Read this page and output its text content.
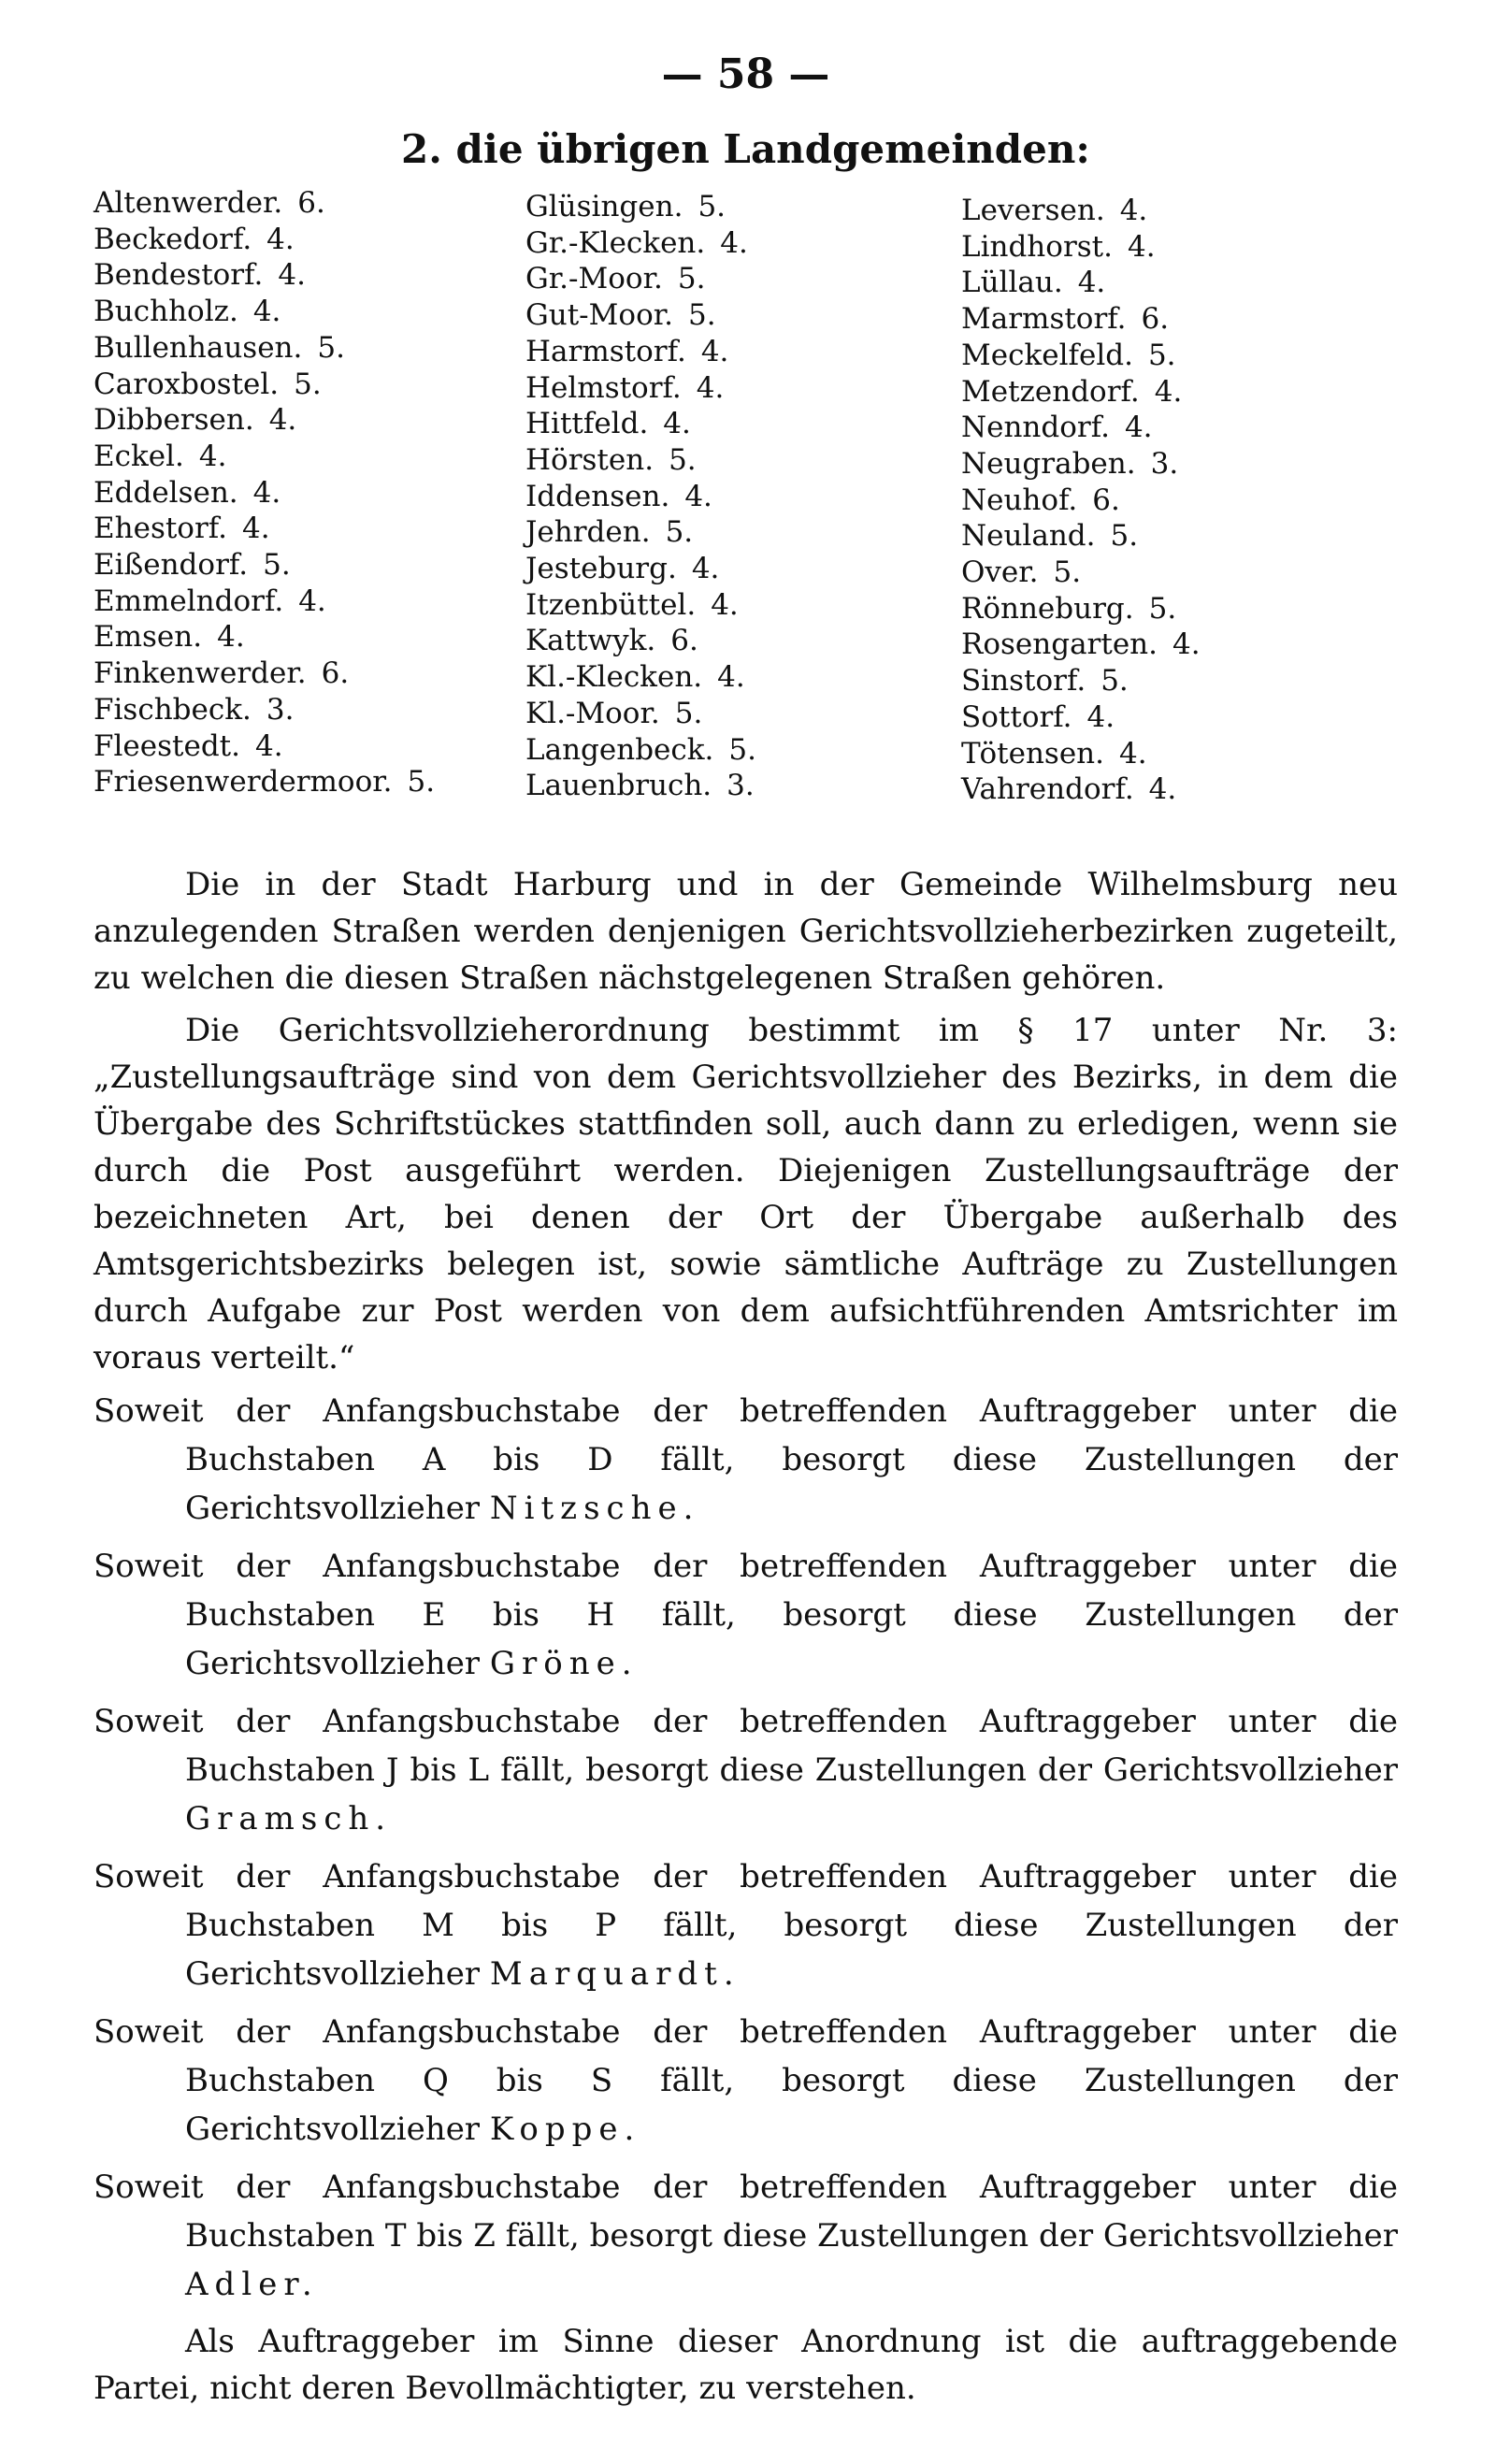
— 58 —
2. die übrigen Landgemeinden:
Altenwerder. 6.
Beckedorf. 4.
Bendestorf. 4.
Buchholz. 4.
Bullenhausen. 5.
Caroxbostel. 5.
Dibbersen. 4.
Eckel. 4.
Eddelsen. 4.
Ehestorf. 4.
Eißendorf. 5.
Emmelndorf. 4.
Emsen. 4.
Finkenwerder. 6.
Fischbeck. 3.
Fleestedt. 4.
Friesenwerdermoor. 5.
Glüsingen. 5.
Gr.-Klecken. 4.
Gr.-Moor. 5.
Gut-Moor. 5.
Harmstorf. 4.
Helmstorf. 4.
Hittfeld. 4.
Hörsten. 5.
Iddensen. 4.
Jehrden. 5.
Jesteburg. 4.
Itzenbüttel. 4.
Kattwyk. 6.
Kl.-Klecken. 4.
Kl.-Moor. 5.
Langenbeck. 5.
Lauenbruch. 3.
Leversen. 4.
Lindhorst. 4.
Lüllau. 4.
Marmstorf. 6.
Meckelfeld. 5.
Metzendorf. 4.
Nenndorf. 4.
Neugraben. 3.
Neuhof. 6.
Neuland. 5.
Over. 5.
Rönneburg. 5.
Rosengarten. 4.
Sinstorf. 5.
Sottorf. 4.
Tötensen. 4.
Vahrendorf. 4.

Die in der Stadt Harburg und in der Gemeinde Wilhelmsburg neu anzulegenden Straßen werden denjenigen Gerichtsvollzieherbezirken zugeteilt, zu welchen die diesen Straßen nächstgelegenen Straßen gehören.

Die Gerichtsvollzieherordnung bestimmt im § 17 unter Nr. 3: „Zustellungsaufträge sind von dem Gerichtsvollzieher des Bezirks, in dem die Übergabe des Schriftstückes stattfinden soll, auch dann zu erledigen, wenn sie durch die Post ausgeführt werden. Diejenigen Zustellungsaufträge der bezeichneten Art, bei denen der Ort der Übergabe außerhalb des Amtsgerichtsbezirks belegen ist, sowie sämtliche Aufträge zu Zustellungen durch Aufgabe zur Post werden von dem aufsichtführenden Amtsrichter im voraus verteilt.“

Soweit der Anfangsbuchstabe der betreffenden Auftraggeber unter die Buchstaben A bis D fällt, besorgt diese Zustellungen der Gerichtsvollzieher Nitzsche.

Soweit der Anfangsbuchstabe der betreffenden Auftraggeber unter die Buchstaben E bis H fällt, besorgt diese Zustellungen der Gerichtsvollzieher Gröne.

Soweit der Anfangsbuchstabe der betreffenden Auftraggeber unter die Buchstaben J bis L fällt, besorgt diese Zustellungen der Gerichtsvollzieher Gramsch.

Soweit der Anfangsbuchstabe der betreffenden Auftraggeber unter die Buchstaben M bis P fällt, besorgt diese Zustellungen der Gerichtsvollzieher Marquardt.

Soweit der Anfangsbuchstabe der betreffenden Auftraggeber unter die Buchstaben Q bis S fällt, besorgt diese Zustellungen der Gerichtsvollzieher Koppe.

Soweit der Anfangsbuchstabe der betreffenden Auftraggeber unter die Buchstaben T bis Z fällt, besorgt diese Zustellungen der Gerichtsvollzieher Adler.

Als Auftraggeber im Sinne dieser Anordnung ist die auftraggebende Partei, nicht deren Bevollmächtigter, zu verstehen.
